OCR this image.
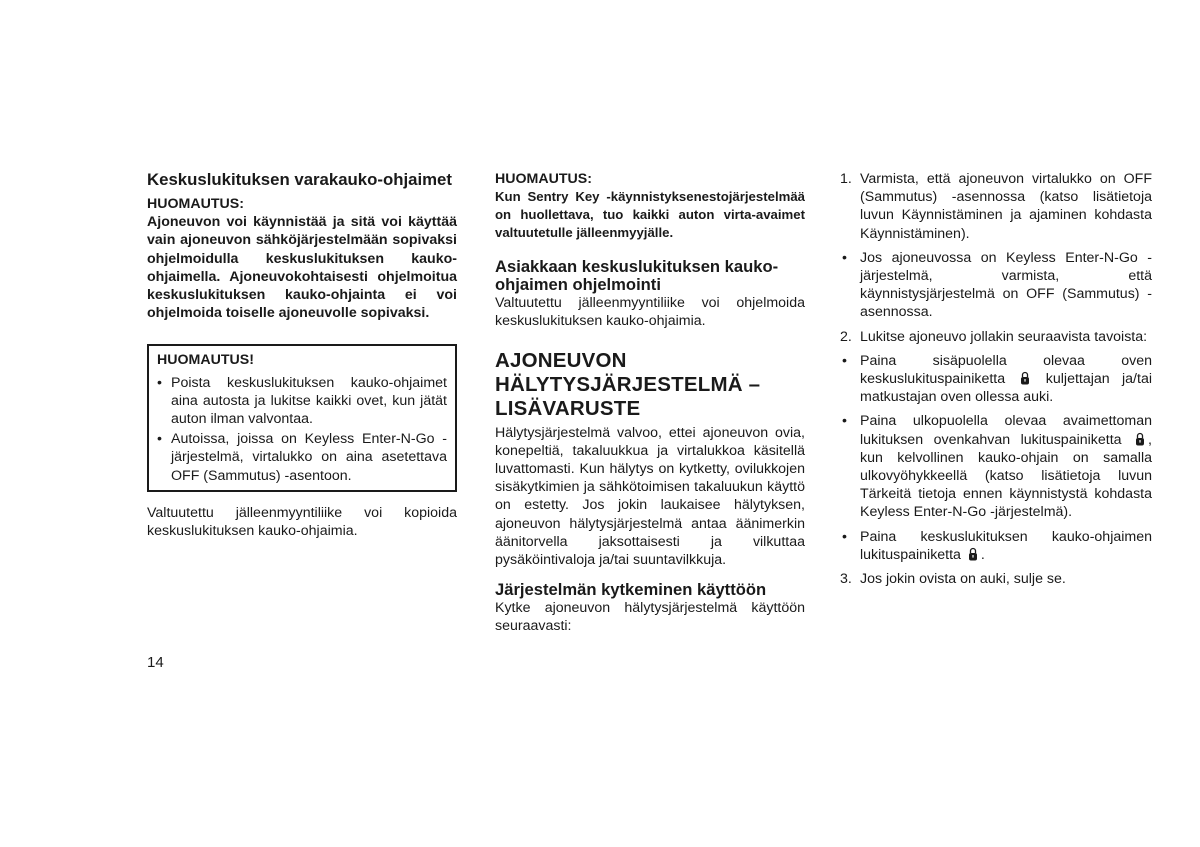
Keskuslukituksen varakauko-ohjaimet

HUOMAUTUS:

Ajoneuvon voi käynnistää ja sitä voi käyttää vain ajoneuvon sähköjärjestelmään sopivaksi ohjelmoidulla keskuslukituksen kauko-ohjaimella. Ajoneuvokohtaisesti ohjelmoitua keskuslukituksen kauko-ohjainta ei voi ohjelmoida toiselle ajoneuvolle sopivaksi.

HUOMAUTUS!

• Poista keskuslukituksen kauko-ohjaimet aina autosta ja lukitse kaikki ovet, kun jätät auton ilman valvontaa.
• Autoissa, joissa on Keyless Enter-N-Go -järjestelmä, virtalukko on aina asetettava OFF (Sammutus) -asentoon.

Valtuutettu jälleenmyyntiliike voi kopioida keskuslukituksen kauko-ohjaimia.

HUOMAUTUS:

Kun Sentry Key -käynnistyksenestojärjestelmää on huollettava, tuo kaikki auton virta-avaimet valtuutetulle jälleenmyyjälle.

Asiakkaan keskuslukituksen kauko-ohjaimen ohjelmointi

Valtuutettu jälleenmyyntiliike voi ohjelmoida keskuslukituksen kauko-ohjaimia.

AJONEUVON HÄLYTYSJÄRJESTELMÄ – LISÄVARUSTE

Hälytysjärjestelmä valvoo, ettei ajoneuvon ovia, konepeltiä, takaluukkua ja virtalukkoa käsitellä luvattomasti. Kun hälytys on kytketty, ovilukkojen sisäkytkimien ja sähkötoimisen takaluukun käyttö on estetty. Jos jokin laukaisee hälytyksen, ajoneuvon hälytysjärjestelmä antaa äänimerkin äänitorvella jaksottaisesti ja vilkuttaa pysäköintivaloja ja/tai suuntavilkkuja.

Järjestelmän kytkeminen käyttöön

Kytke ajoneuvon hälytysjärjestelmä käyttöön seuraavasti:

1. Varmista, että ajoneuvon virtalukko on OFF (Sammutus) -asennossa (katso lisätietoja luvun Käynnistäminen ja ajaminen kohdasta Käynnistäminen).
• Jos ajoneuvossa on Keyless Enter-N-Go -järjestelmä, varmista, että käynnistysjärjestelmä on OFF (Sammutus) -asennossa.
2. Lukitse ajoneuvo jollakin seuraavista tavoista:
• Paina sisäpuolella olevaa oven keskuslukituspainiketta	kuljettajan ja/tai matkustajan oven ollessa auki.
• Paina ulkopuolella olevaa avaimettoman lukituksen ovenkahvan lukituspainiketta , kun kelvollinen kauko-ohjain on samalla ulkovyöhykkeellä (katso lisätietoja luvun Tärkeitä tietoja ennen käynnistystä kohdasta Keyless Enter-N-Go -järjestelmä).
• Paina keskuslukituksen kauko-ohjaimen lukituspainiketta .
3. Jos jokin ovista on auki, sulje se.
14
